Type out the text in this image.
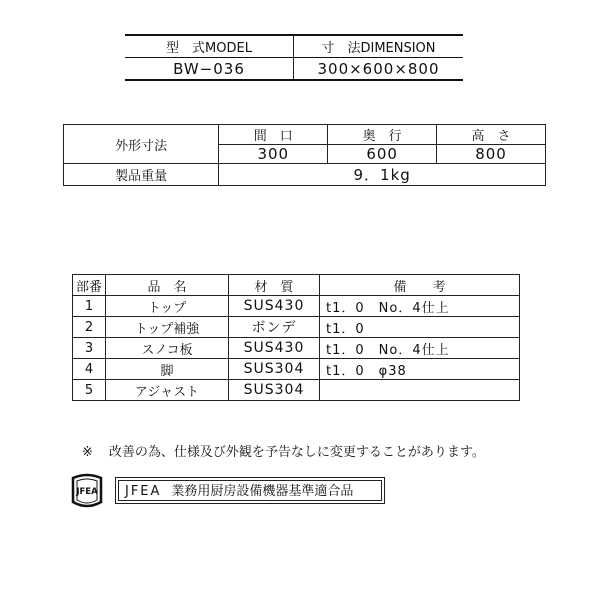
型　式MODEL	寸　法DIMENSION
BW−036	300×600×800
外形寸法	間　口	奥　行	高　さ
	300	600	800
製品重量	9．1kg		
部番	品　名	材　質	備　　考
1	トップ	SUS430	t1．0　No．4仕上
2	トップ補強	ボンデ	t1．0
3	スノコ板	SUS430	t1．0　No．4仕上
4	脚	SUS304	t1．0　φ38
5	アジャスト	SUS304	
※ 改善の為、仕様及び外観を予告なしに変更することがあります。
JFEA	JFEA 業務用厨房設備機器基準適合品
